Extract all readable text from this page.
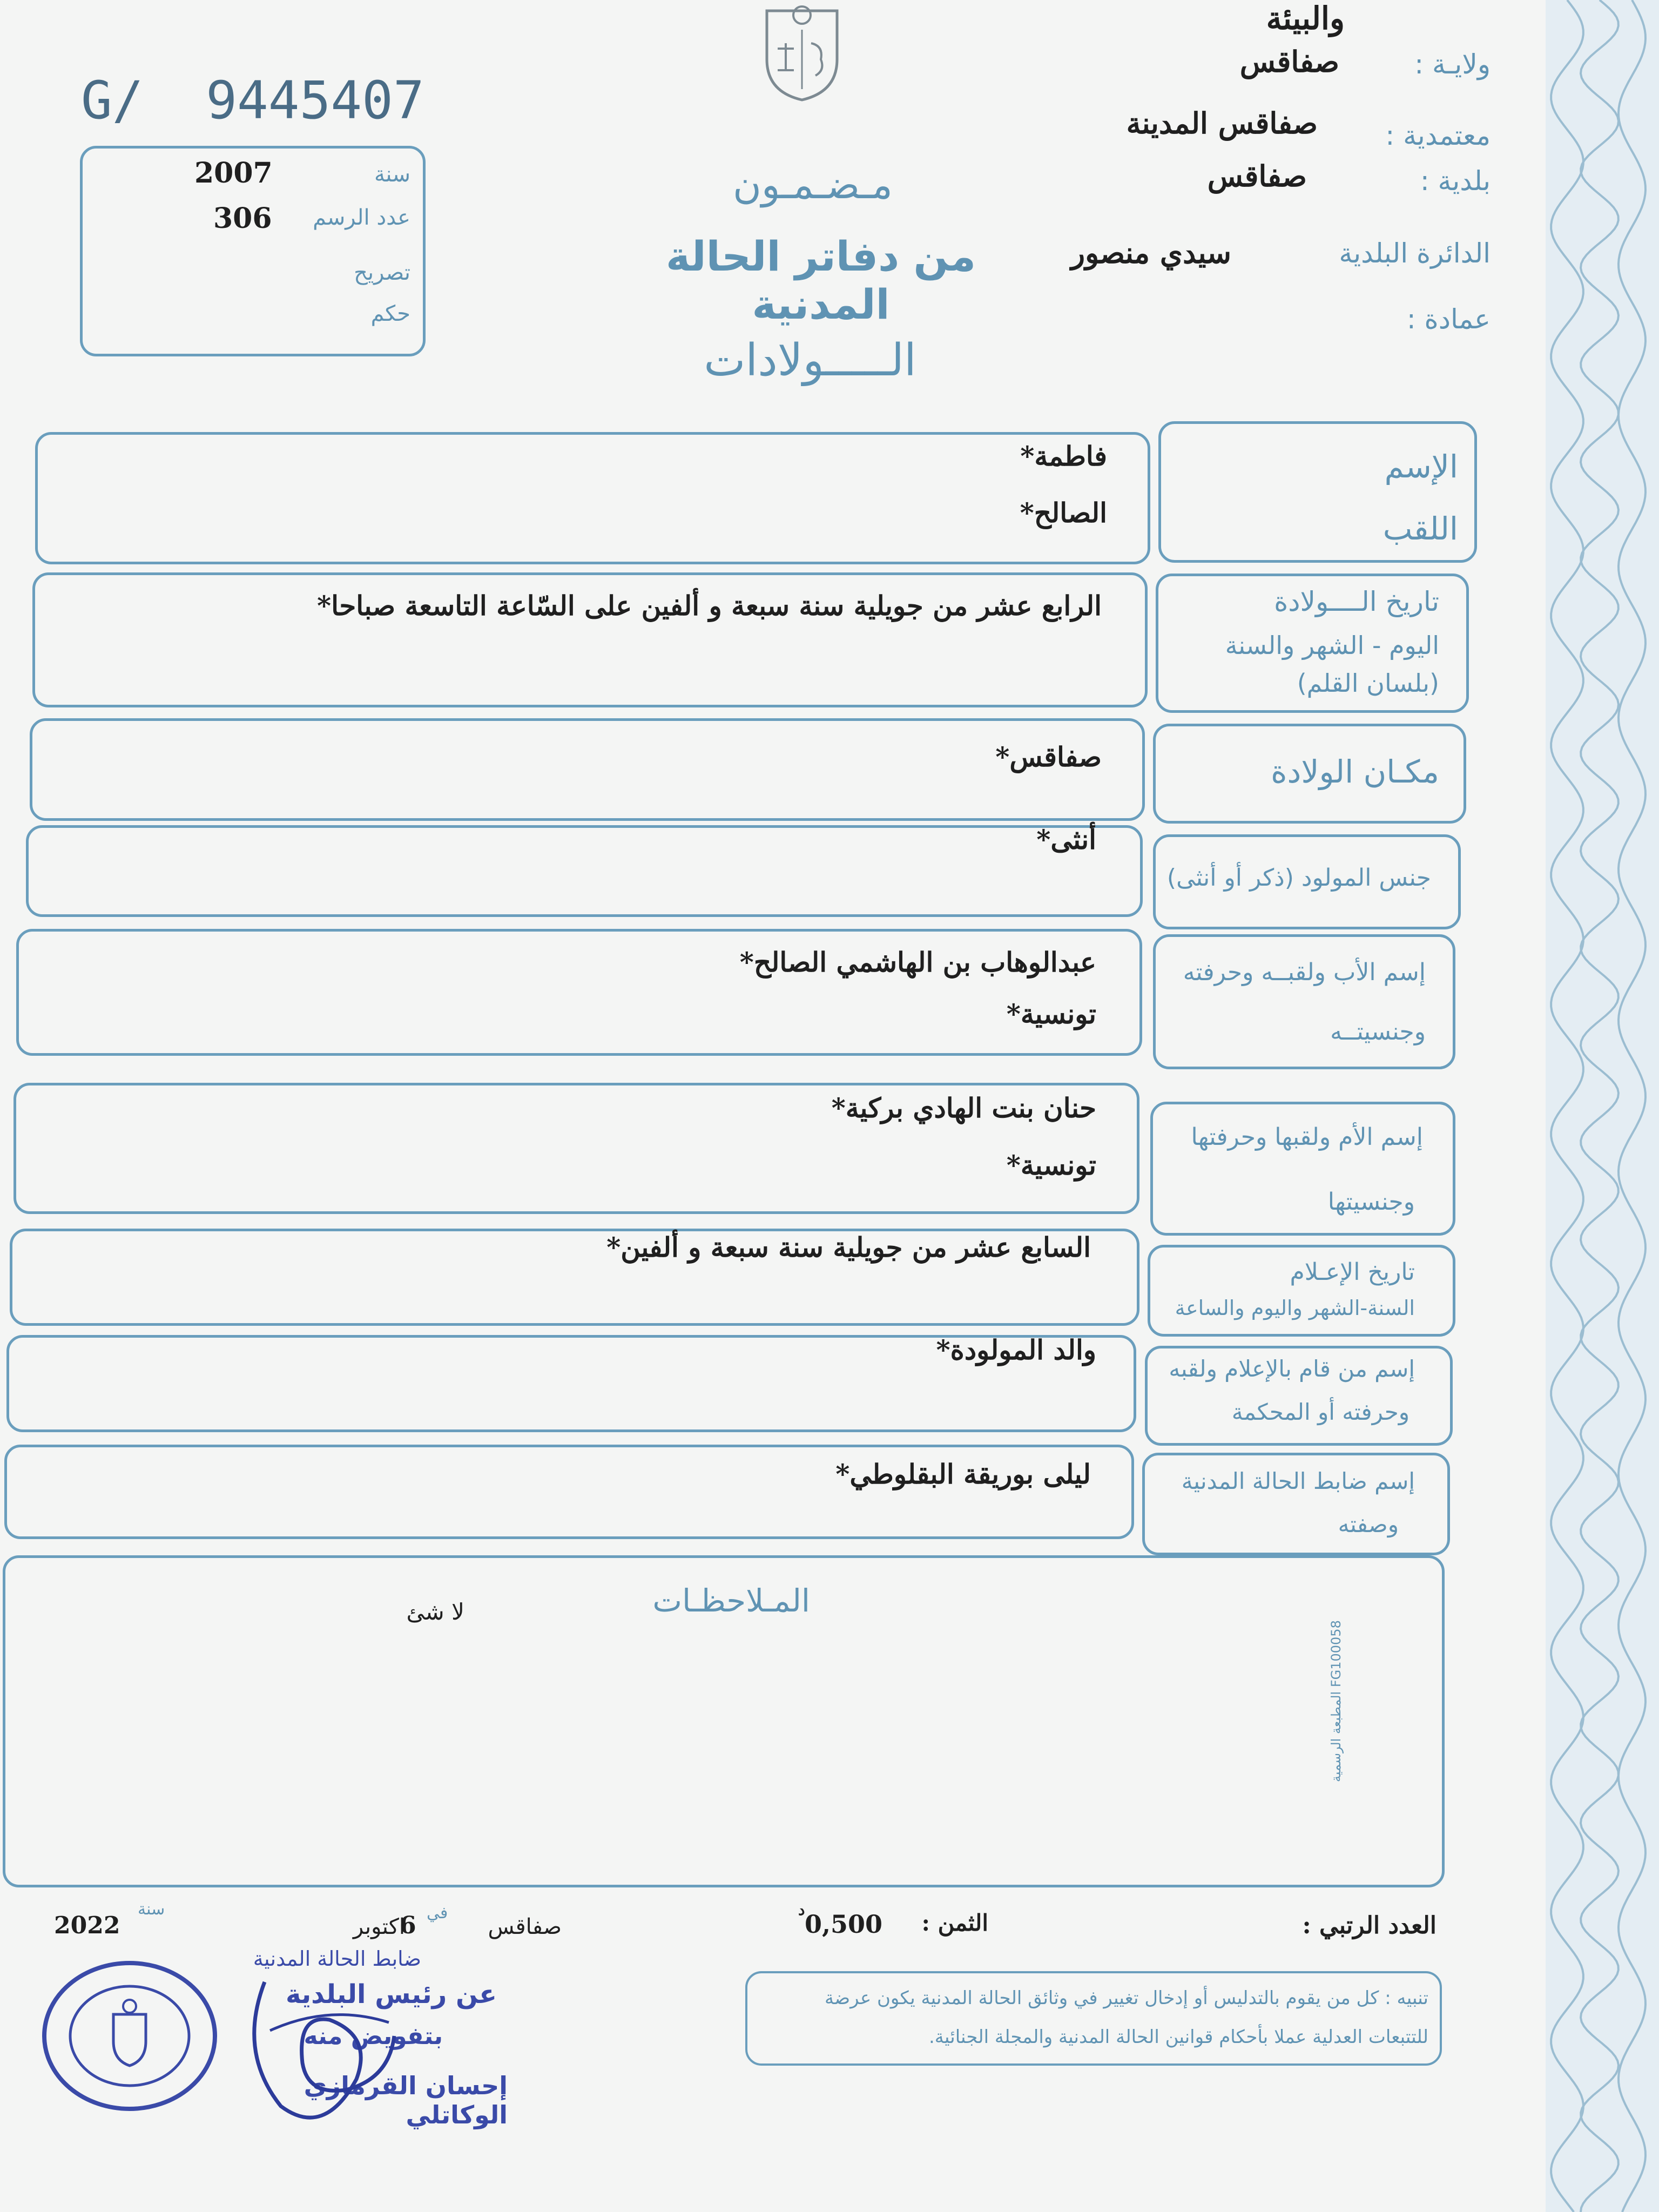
والبيئة
ولايـة :
صفاقس
معتمدية :
صفاقس المدينة
بلدية :
صفاقس
الدائرة البلدية
سيدي منصور
عمادة :
G/  9445407
سنة
2007
عدد الرسم
306
تصريح
حكم
مـضـمـون
من دفاتر الحالة المدنية
الـــــولادات
الإسم
اللقب
تاريخ الــــولادة
اليوم - الشهر والسنة
(بلسان القلم)
مكـان الولادة
جنس المولود (ذكر أو أنثى)
إسم الأب ولقبــه وحرفته
وجنسيتــه
إسم الأم ولقبها وحرفتها
وجنسيتها
تاريخ الإعـلام
السنة-الشهر واليوم والساعة
إسم من قام بالإعلام ولقبه
وحرفته أو المحكمة
إسم ضابط الحالة المدنية
وصفته
فاطمة*
الصالح*
الرابع عشر من جويلية سنة سبعة و ألفين على السّاعة التاسعة صباحا*
صفاقس*
أنثى*
عبدالوهاب بن الهاشمي الصالح*
تونسية*
حنان بنت الهادي بركية*
تونسية*
السابع عشر من جويلية سنة سبعة و ألفين*
والد المولودة*
ليلى بوريقة البقلوطي*
المـلاحظـات
لا شئ
المطبعة الرسمية FG100058
صفاقس
اكتوبر
6 في
2022
سنة
العدد الرتبي :
الثمن :
0,500
د
تنبيه : كل من يقوم بالتدليس أو إدخال تغيير في وثائق الحالة المدنية يكون عرضة
للتتبعات العدلية عملا بأحكام قوانين الحالة المدنية والمجلة الجنائية.
ضابط الحالة المدنية
عن رئيس البلدية
بتفويض منه
إحسان القرمازي الوكاتلي
